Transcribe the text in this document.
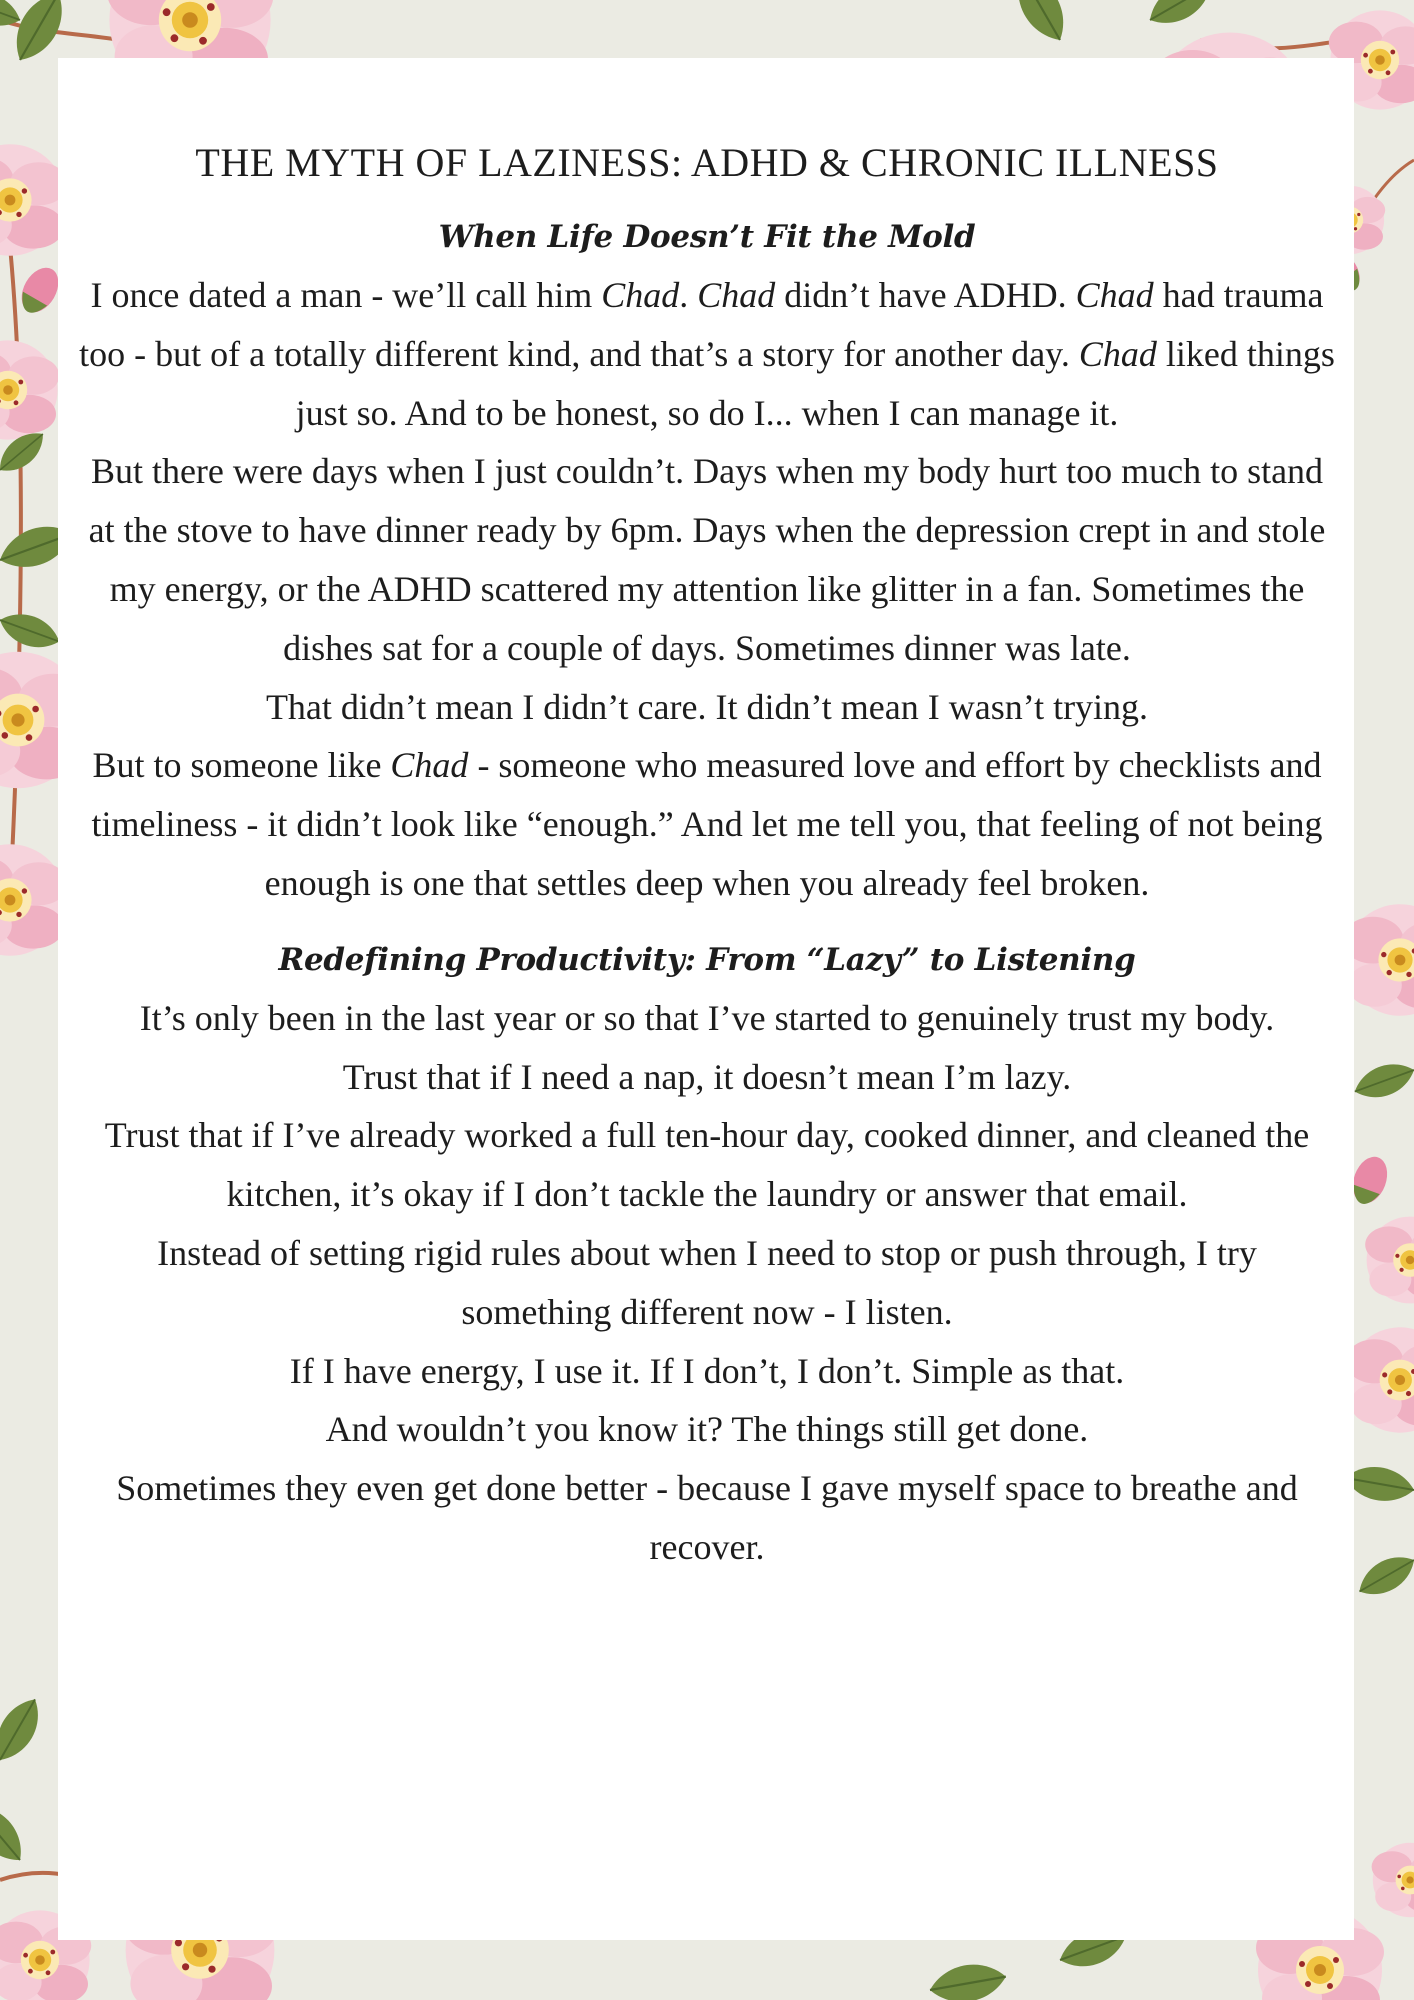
THE MYTH OF LAZINESS: ADHD & CHRONIC ILLNESS
When Life Doesn’t Fit the Mold

I once dated a man - we’ll call him Chad. Chad didn’t have ADHD. Chad had trauma too - but of a totally different kind, and that’s a story for another day. Chad liked things just so. And to be honest, so do I... when I can manage it.

But there were days when I just couldn’t. Days when my body hurt too much to stand at the stove to have dinner ready by 6pm. Days when the depression crept in and stole my energy, or the ADHD scattered my attention like glitter in a fan. Sometimes the dishes sat for a couple of days. Sometimes dinner was late.

That didn’t mean I didn’t care. It didn’t mean I wasn’t trying.

But to someone like Chad - someone who measured love and effort by checklists and timeliness - it didn’t look like “enough.” And let me tell you, that feeling of not being enough is one that settles deep when you already feel broken.

Redefining Productivity: From “Lazy” to Listening

It’s only been in the last year or so that I’ve started to genuinely trust my body.

Trust that if I need a nap, it doesn’t mean I’m lazy.

Trust that if I’ve already worked a full ten-hour day, cooked dinner, and cleaned the kitchen, it’s okay if I don’t tackle the laundry or answer that email.

Instead of setting rigid rules about when I need to stop or push through, I try something different now - I listen.

If I have energy, I use it. If I don’t, I don’t. Simple as that.

And wouldn’t you know it? The things still get done.

Sometimes they even get done better - because I gave myself space to breathe and recover.
